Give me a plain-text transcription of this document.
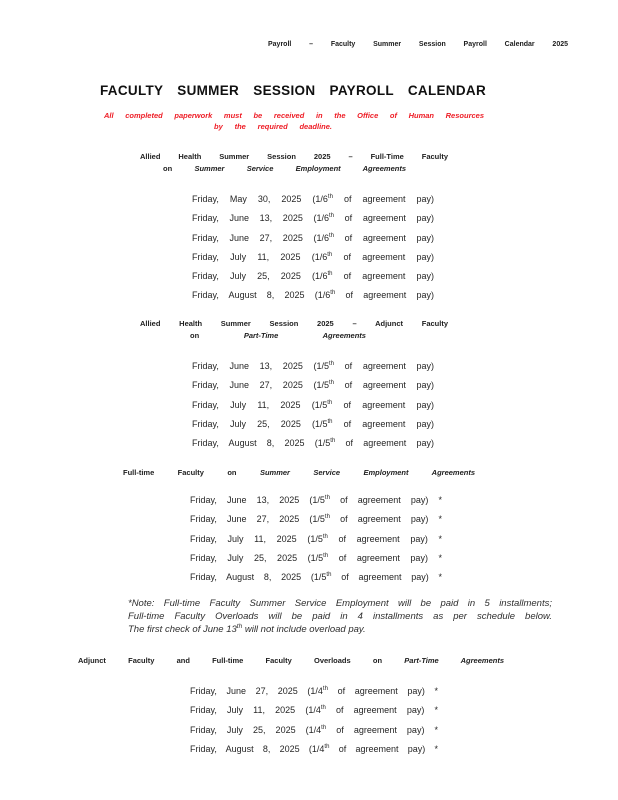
Payroll – Faculty Summer Session Payroll Calendar 2025
FACULTY SUMMER SESSION PAYROLL CALENDAR
All completed paperwork must be received in the Office of Human Resources
by the required deadline.
Allied Health Summer Session 2025 – Full-Time Faculty
on	Summer Service Employment Agreements
Friday, May 30, 2025 (1/6th of agreement pay)
Friday, June 13, 2025 (1/6th of agreement pay)
Friday, June 27, 2025 (1/6th of agreement pay)
Friday, July 11, 2025 (1/6th of agreement pay)
Friday, July 25, 2025 (1/6th of agreement pay)
Friday, August 8, 2025 (1/6th of agreement pay)
Allied Health Summer Session 2025 – Adjunct Faculty
on	Part-Time Agreements
Friday, June 13, 2025 (1/5th of agreement pay)
Friday, June 27, 2025 (1/5th of agreement pay)
Friday, July 11, 2025 (1/5th of agreement pay)
Friday, July 25, 2025 (1/5th of agreement pay)
Friday, August 8, 2025 (1/5th of agreement pay)
Full-time Faculty on	Summer Service Employment Agreements
Friday, June 13, 2025 (1/5th of agreement pay) *
Friday, June 27, 2025 (1/5th of agreement pay) *
Friday, July 11, 2025 (1/5th of agreement pay) *
Friday, July 25, 2025 (1/5th of agreement pay) *
Friday, August 8, 2025 (1/5th of agreement pay) *
*Note: Full-time Faculty Summer Service Employment will be paid in 5 installments;
Full-time Faculty Overloads will be paid in 4 installments as per schedule below.
The first check of June 13th will not include overload pay.
Adjunct Faculty and Full-time Faculty Overloads on	Part-Time Agreements
Friday, June 27, 2025 (1/4th of agreement pay) *
Friday, July 11, 2025 (1/4th of agreement pay) *
Friday, July 25, 2025 (1/4th of agreement pay) *
Friday, August 8, 2025 (1/4th of agreement pay) *
